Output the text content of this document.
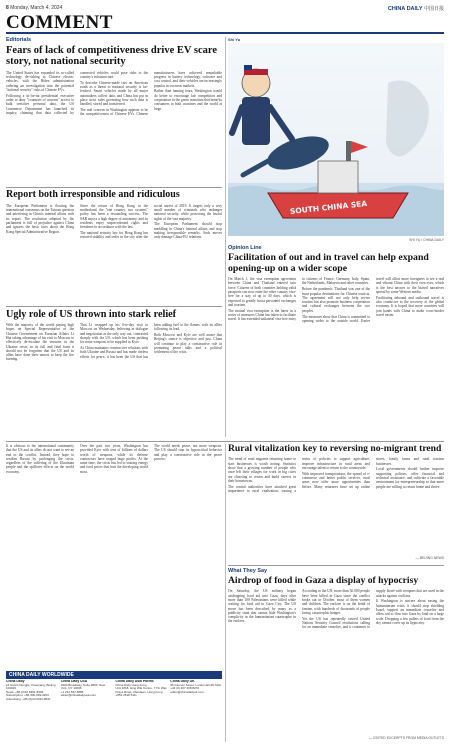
8 Monday, March 4, 2024	CHINA DAILY 中国日报
COMMENT
Editorials
Fears of lack of competitiveness drive EV scare story, not national security

The United States has expanded its so-called technology de-risking to Chinese electric vehicles, with the Biden administration ordering an investigation into the potential "national security" risks of Chinese EVs.

Following a tit-for-tat presidential executive order to deny "countries of concern" access to bulk sensitive personal data, the US Commerce Department has launched its inquiry, claiming that data collected by connected vehicles could pose risks to the country's infrastructure.

To describe Chinese-made cars on American roads as a threat to national security is far-fetched. Smart vehicles made by all major automakers collect data, and China has put in place strict rules governing how such data is handled, stored and transferred.

The real concern in Washington appears to be the competitiveness of Chinese EVs. Chinese manufacturers have achieved remarkable progress in battery technology, software and cost control, and their vehicles are increasingly popular in overseas markets.

Rather than fanning fears, Washington would do better to encourage fair competition and cooperation in the green transition that benefits consumers in both countries and the world at large.

Report both irresponsible and ridiculous

The European Parliament is flouting the international consensus on the Taiwan question and interfering in China's internal affairs with its report. The resolution adopted by the parliament is full of prejudice against China and ignores the basic facts about the Hong Kong Special Administrative Region.

Since the return of Hong Kong to the motherland, the "one country, two systems" policy has been a resounding success. The SAR enjoys a high degree of autonomy, and its residents enjoy unprecedented rights and freedoms in accordance with the law.

The national security law for Hong Kong has restored stability and order in the city after the social unrest of 2019. It targets only a very small number of criminals who endanger national security, while protecting the lawful rights of the vast majority.

The European Parliament should stop meddling in China's internal affairs and stop making irresponsible remarks. Such moves only damage China-EU relations.

Shi Yu
SOUTH CHINA SEA
SHI YU / CHINA DAILY
Opinion Line
Facilitation of out and in travel can help expand opening-up on a wider scope

On March 1, the visa exemption agreement between China and Thailand entered into force. Citizens of both countries holding valid passports can now enter the other country visa-free for a stay of up to 30 days, which is expected to greatly boost personnel exchanges and tourism.

The mutual visa exemption is the latest in a series of measures China has taken to facilitate travel. It has extended unilateral visa-free entry to citizens of France, Germany, Italy, Spain, the Netherlands, Malaysia and other countries.

Before the pandemic, Thailand was one of the most popular destinations for Chinese tourists. The agreement will not only help revive tourism but also promote business cooperation and cultural exchanges between the two peoples.

The measures show that China is committed to opening wider to the outside world. Easier travel will allow more foreigners to see a real and vibrant China with their own eyes, which is the best answer to the biased narratives spread by some Western media.

Facilitating inbound and outbound travel is also conducive to the recovery of the global economy. It is hoped that more countries will join hands with China to make cross-border travel easier.

Ugly role of US thrown into stark relief

With the majority of the world paying high hopes on Special Representative of the Chinese Government on Eurasian Affairs Li Hui taking advantage of his visit to Moscow to effectively de-escalate the tensions in the Ukraine crisis, in its full and final form it should not be forgotten that the US and its allies have done their utmost to keep the fire burning.

That Li wrapped up his five-day visit to Moscow on Wednesday, believing in dialogue and negotiation as the only way out, contrasted sharply with the US, which has been pushing for more weapons to be supplied to Kyiv.

As China maintains constructive relations with both Ukraine and Russia and has made tireless efforts for peace, it has been the US that has been adding fuel to the flames, with its allies following its lead.

Both Moscow and Kyiv are well aware that Beijing's stance is objective and just. China will continue to play a constructive role in promoting peace talks and a political settlement of the crisis.

It is obvious to the international community that the US and its allies do not want to see an end to the conflict. Instead, they hope to weaken Russia by prolonging the crisis, regardless of the suffering of the Ukrainian people and the spillover effects on the world economy.

Over the past two years, Washington has provided Kyiv with tens of billions of dollars worth of weapons, while its defense contractors have reaped huge profits. At the same time, the crisis has led to soaring energy and food prices that hurt the developing world most.

The world needs peace, not more weapons. The US should stop its hypocritical behavior and play a constructive role in the peace process.

Rural vitalization key to reversing no-migrant trend

The trend of rural migrants returning home to start businesses is worth noting. Statistics show that a growing number of people who once left their villages for work in big cities are choosing to return and build careers in their hometowns.

The central authorities have attached great importance to rural vitalization, issuing a series of policies to support agriculture, improve infrastructure in rural areas and encourage talent to return to the countryside.

With improved transportation, the spread of e-commerce and better public services, rural areas now offer more opportunities than before. Many returnees have set up online stores, family farms and rural tourism businesses.

Local governments should further improve supporting policies, offer financial and technical assistance, and cultivate a favorable environment for entrepreneurship so that more people are willing to return home and thrive.

— BEIJING NEWS
What They Say
Airdrop of food in Gaza a display of hypocrisy

On Saturday, the US military began airdropping food aid into Gaza, days after more than 100 Palestinians were killed while waiting for food aid in Gaza City. The US move has been described by many as a publicity stunt that cannot hide Washington's complicity in the humanitarian catastrophe in the enclave.

According to the UN, more than 30,000 people have been killed in Gaza since the conflict broke out in October, most of them women and children. The enclave is on the brink of famine, with hundreds of thousands of people facing catastrophic hunger.

Yet the US has repeatedly vetoed United Nations Security Council resolutions calling for an immediate ceasefire, and it continues to supply Israel with weapons that are used in the attacks against civilians.

If Washington is sincere about easing the humanitarian crisis, it should stop shielding Israel, support an immediate ceasefire and allow aid to flow into Gaza by land on a large scale. Dropping a few pallets of food from the sky cannot cover up its hypocrisy.

— EDITED EXCERPTS FROM MEDIA OUTLETS
CHINA DAILY WORLDWIDE
China Daily
15 Huixin Dongjie, Chaoyang, Beijing 100029
News: +86 (0)10 6491-8366
Subscription: +86 400-699-0203
Advertising: +86 (0)10 6491-8631
China Daily USA
1500 Broadway, Suite 2800, New York, NY 10036
+1 212 537 8888
editor@chinadailyusa.com
China Daily Asia Pacific
China Daily Hong Kong
Unit 1818, Hing Wai Centre, 7 Tin Wan Praya Road, Aberdeen, Hong Kong
+852 2518 5111
China Daily UK
90 Cannon Street, London EC4N 6HA
+44 (0) 207 398 8270
editor@chinadailyuk.com
